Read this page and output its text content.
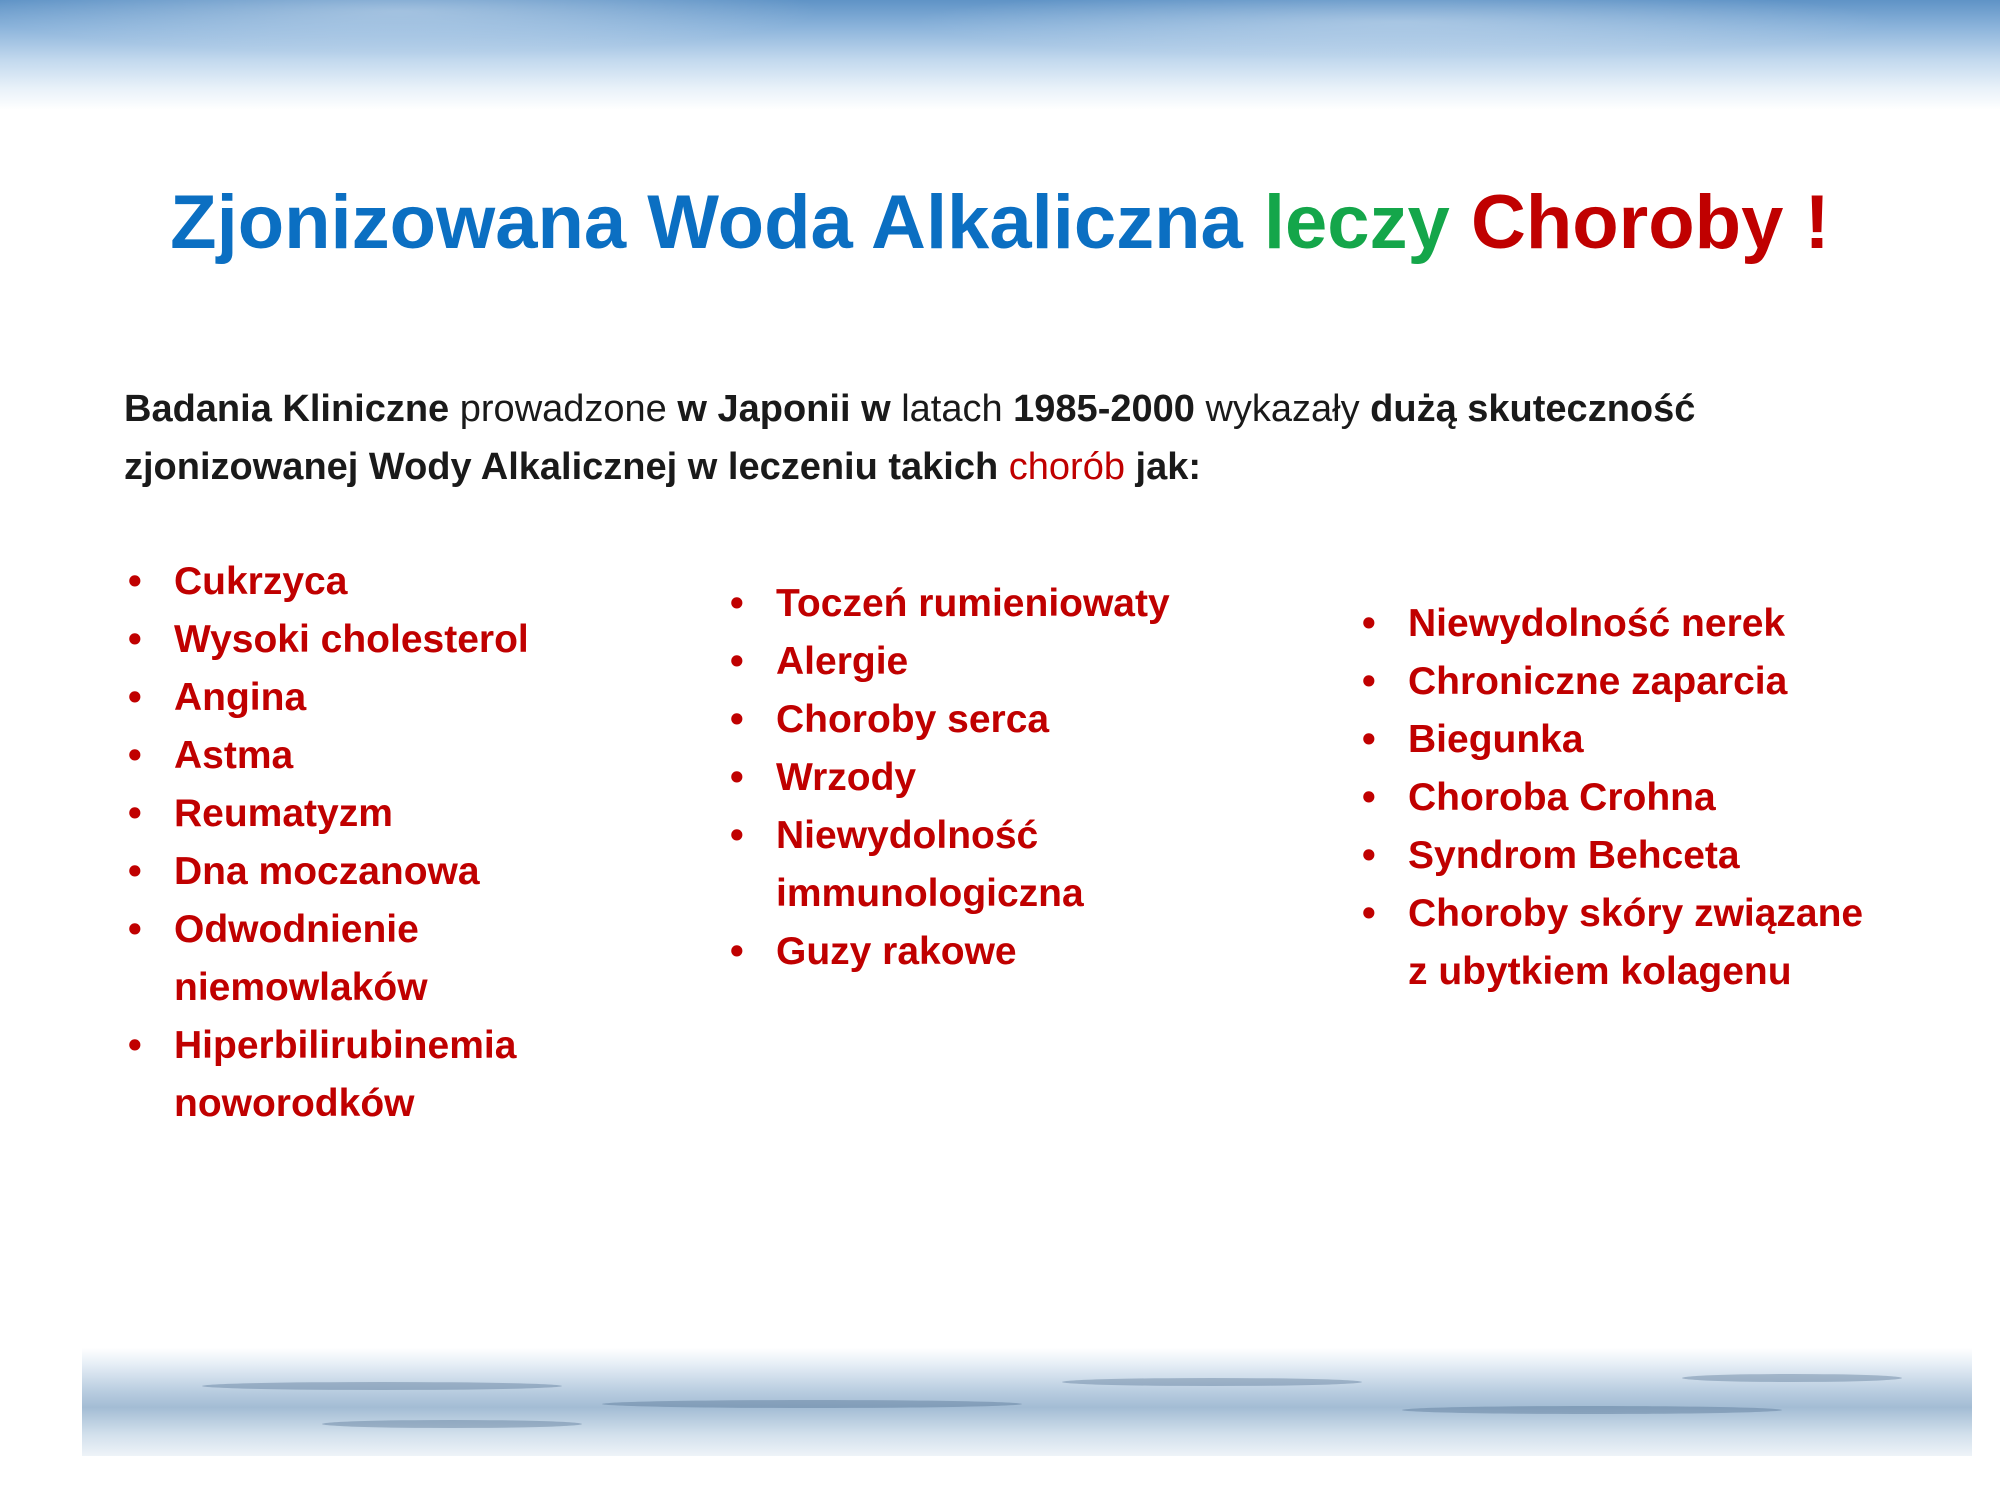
Zjonizowana Woda Alkaliczna leczy Choroby !
Badania Kliniczne prowadzone w Japonii w latach 1985-2000 wykazały dużą skuteczność zjonizowanej Wody Alkalicznej w leczeniu takich chorób jak:
• Cukrzyca
• Wysoki cholesterol
• Angina
• Astma
• Reumatyzm
• Dna moczanowa
• Odwodnienie
niemowlaków
• Hiperbilirubinemia
noworodków
• Toczeń rumieniowaty
• Alergie
• Choroby serca
• Wrzody
• Niewydolność
immunologiczna
• Guzy rakowe
• Niewydolność nerek
• Chroniczne zaparcia
• Biegunka
• Choroba Crohna
• Syndrom Behceta
• Choroby skóry związane
z ubytkiem kolagenu
